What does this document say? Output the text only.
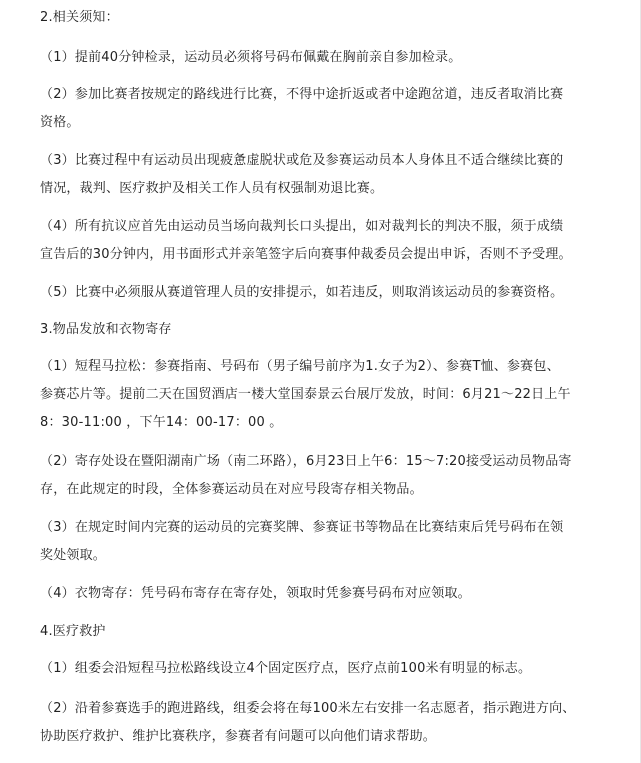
2.相关须知：
（1）提前40分钟检录，运动员必须将号码布佩戴在胸前亲自参加检录。
（2）参加比赛者按规定的路线进行比赛，不得中途折返或者中途跑岔道，违反者取消比赛
资格。
（3）比赛过程中有运动员出现疲惫虚脱状或危及参赛运动员本人身体且不适合继续比赛的
情况，裁判、医疗救护及相关工作人员有权强制劝退比赛。
（4）所有抗议应首先由运动员当场向裁判长口头提出，如对裁判长的判决不服，须于成绩
宣告后的30分钟内，用书面形式并亲笔签字后向赛事仲裁委员会提出申诉，否则不予受理。
（5）比赛中必须服从赛道管理人员的安排提示，如若违反，则取消该运动员的参赛资格。
3.物品发放和衣物寄存
（1）短程马拉松：参赛指南、号码布（男子编号前序为1.女子为2）、参赛T恤、参赛包、
参赛芯片等。提前二天在国贸酒店一楼大堂国泰景云台展厅发放，时间：6月21～22日上午
8：30-11:00 ，下午14：00-17：00 。
（2）寄存处设在暨阳湖南广场（南二环路），6月23日上午6：15～7:20接受运动员物品寄
存，在此规定的时段，全体参赛运动员在对应号段寄存相关物品。
（3）在规定时间内完赛的运动员的完赛奖牌、参赛证书等物品在比赛结束后凭号码布在领
奖处领取。
（4）衣物寄存：凭号码布寄存在寄存处，领取时凭参赛号码布对应领取。
4.医疗救护
（1）组委会沿短程马拉松路线设立4个固定医疗点，医疗点前100米有明显的标志。
（2）沿着参赛选手的跑进路线，组委会将在每100米左右安排一名志愿者，指示跑进方向、
协助医疗救护、维护比赛秩序，参赛者有问题可以向他们请求帮助。
